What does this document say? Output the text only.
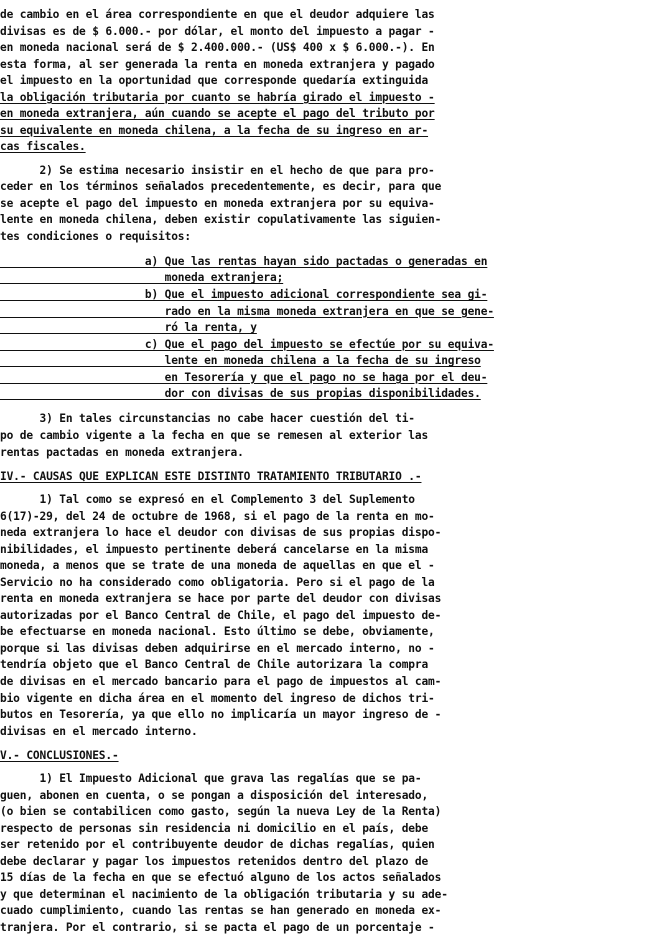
de cambio en el área correspondiente en que el deudor adquiere las
divisas es de $ 6.000.- por dólar, el monto del impuesto a pagar -
en moneda nacional será de $ 2.400.000.- (US$ 400 x $ 6.000.-). En
esta forma, al ser generada la renta en moneda extranjera y pagado
el impuesto en la oportunidad que corresponde quedaría extinguida
la obligación tributaria por cuanto se habría girado el impuesto -
en moneda extranjera, aún cuando se acepte el pago del tributo por
su equivalente en moneda chilena, a la fecha de su ingreso en ar-
cas fiscales.
2) Se estima necesario insistir en el hecho de que para pro-
ceder en los términos señalados precedentemente, es decir, para que
se acepte el pago del impuesto en moneda extranjera por su equiva-
lente en moneda chilena, deben existir copulativamente las siguien-
tes condiciones o requisitos:
a) Que las rentas hayan sido pactadas o generadas en
moneda extranjera;
b) Que el impuesto adicional correspondiente sea gi-
rado en la misma moneda extranjera en que se gene-
ró la renta, y
c) Que el pago del impuesto se efectúe por su equiva-
lente en moneda chilena a la fecha de su ingreso
en Tesorería y que el pago no se haga por el deu-
dor con divisas de sus propias disponibilidades.
3) En tales circunstancias no cabe hacer cuestión del ti-
po de cambio vigente a la fecha en que se remesen al exterior las
rentas pactadas en moneda extranjera.
IV.- CAUSAS QUE EXPLICAN ESTE DISTINTO TRATAMIENTO TRIBUTARIO .-
1) Tal como se expresó en el Complemento 3 del Suplemento
6(17)-29, del 24 de octubre de 1968, si el pago de la renta en mo-
neda extranjera lo hace el deudor con divisas de sus propias dispo-
nibilidades, el impuesto pertinente deberá cancelarse en la misma
moneda, a menos que se trate de una moneda de aquellas en que el -
Servicio no ha considerado como obligatoria. Pero si el pago de la
renta en moneda extranjera se hace por parte del deudor con divisas
autorizadas por el Banco Central de Chile, el pago del impuesto de-
be efectuarse en moneda nacional. Esto último se debe, obviamente,
porque si las divisas deben adquirirse en el mercado interno, no -
tendría objeto que el Banco Central de Chile autorizara la compra
de divisas en el mercado bancario para el pago de impuestos al cam-
bio vigente en dicha área en el momento del ingreso de dichos tri-
butos en Tesorería, ya que ello no implicaría un mayor ingreso de -
divisas en el mercado interno.
V.- CONCLUSIONES.-
1) El Impuesto Adicional que grava las regalías que se pa-
guen, abonen en cuenta, o se pongan a disposición del interesado,
(o bien se contabilicen como gasto, según la nueva Ley de la Renta)
respecto de personas sin residencia ni domicilio en el país, debe
ser retenido por el contribuyente deudor de dichas regalías, quien
debe declarar y pagar los impuestos retenidos dentro del plazo de
15 días de la fecha en que se efectuó alguno de los actos señalados
y que determinan el nacimiento de la obligación tributaria y su ade-
cuado cumplimiento, cuando las rentas se han generado en moneda ex-
tranjera. Por el contrario, si se pacta el pago de un porcentaje -
